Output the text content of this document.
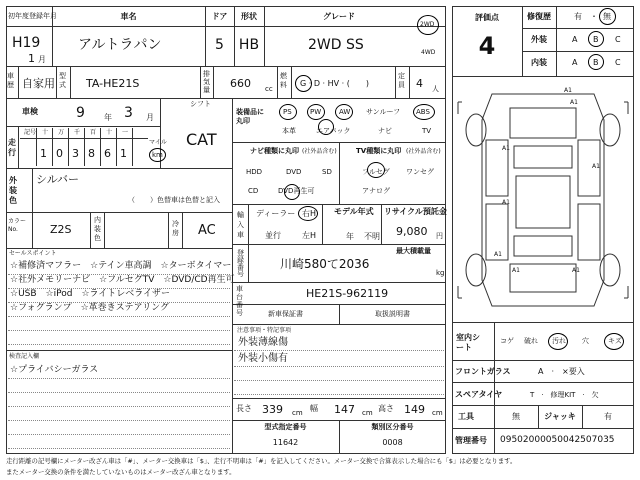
初年度登録年月
H19
1 月
車名
アルトラパン
ドア
5
形状
HB
グレード
2WD SS
2WD
4WD
車歴 自家用
型式 TA-HE21S
排気量 660 cc
燃料 G · D · HV · (　　)
定員 4 人
車検	9 年 3 月
シフト
CAT
走行
記号 十 万 千 百 十 一
1 0 3 8 6 1
マイル
km
外装色
シルバー
（ ）色替車は色替と記入
カラー No.	Z2S
内装色
冷房 AC
セールスポイント
☆補修済マフラー　☆テイン車高調　☆ターボタイマー
☆社外メモリーナビ　☆フルセグTV　☆DVD/CD再生可
☆USB　☆iPod　☆ライトレベライザー
☆フォグランプ　☆革巻きステアリング
検査記入欄
☆プライバシーガラス
装備品に丸印
PS	PW	AW サンルーフ ABS
本革	エアバック	ナビ	TV
ナビ種類に丸印 (社外品含む)
HDD	DVD	SD
CD	DVD再生可
TV種類に丸印 (社外品含む)
フルセグ ワンセグ
アナログ
輸入車
ディーラー
並行
右H
左H
モデル年式
年 不明
リサイクル預託金
9,080 円
登録番号
川崎580て2036
最大積載量
kg
車台番号
HE21S-962119
新車保証書	取扱説明書
注意事項・特記事項
外装薄線傷
外装小傷有
長さ 339 cm 幅 147 cm 高さ 149 cm
型式指定番号
11642
類別区分番号
0008
評価点
4
修復歴	有 ・ 無
外装	A B C
内装	A B C
A1
A1
A1
A1
A1
A1
A1	A1
室内シート
コゲ 破れ 汚れ 穴	キズ
フロントガラス	A　·　×要入
スペアタイヤ	T　·　修理KIT　·　欠
工具	無	ジャッキ	有
管理番号 09502000050042507035
走行距離の記号欄にメーター改ざん車は「#」、メーター交換車は「$」、走行不明車は「#」を記入してください。メーター交換で合算表示した場合にも「$」は必要となります。
またメーター交換の条件を満たしていないものはメーター改ざん車となります。
